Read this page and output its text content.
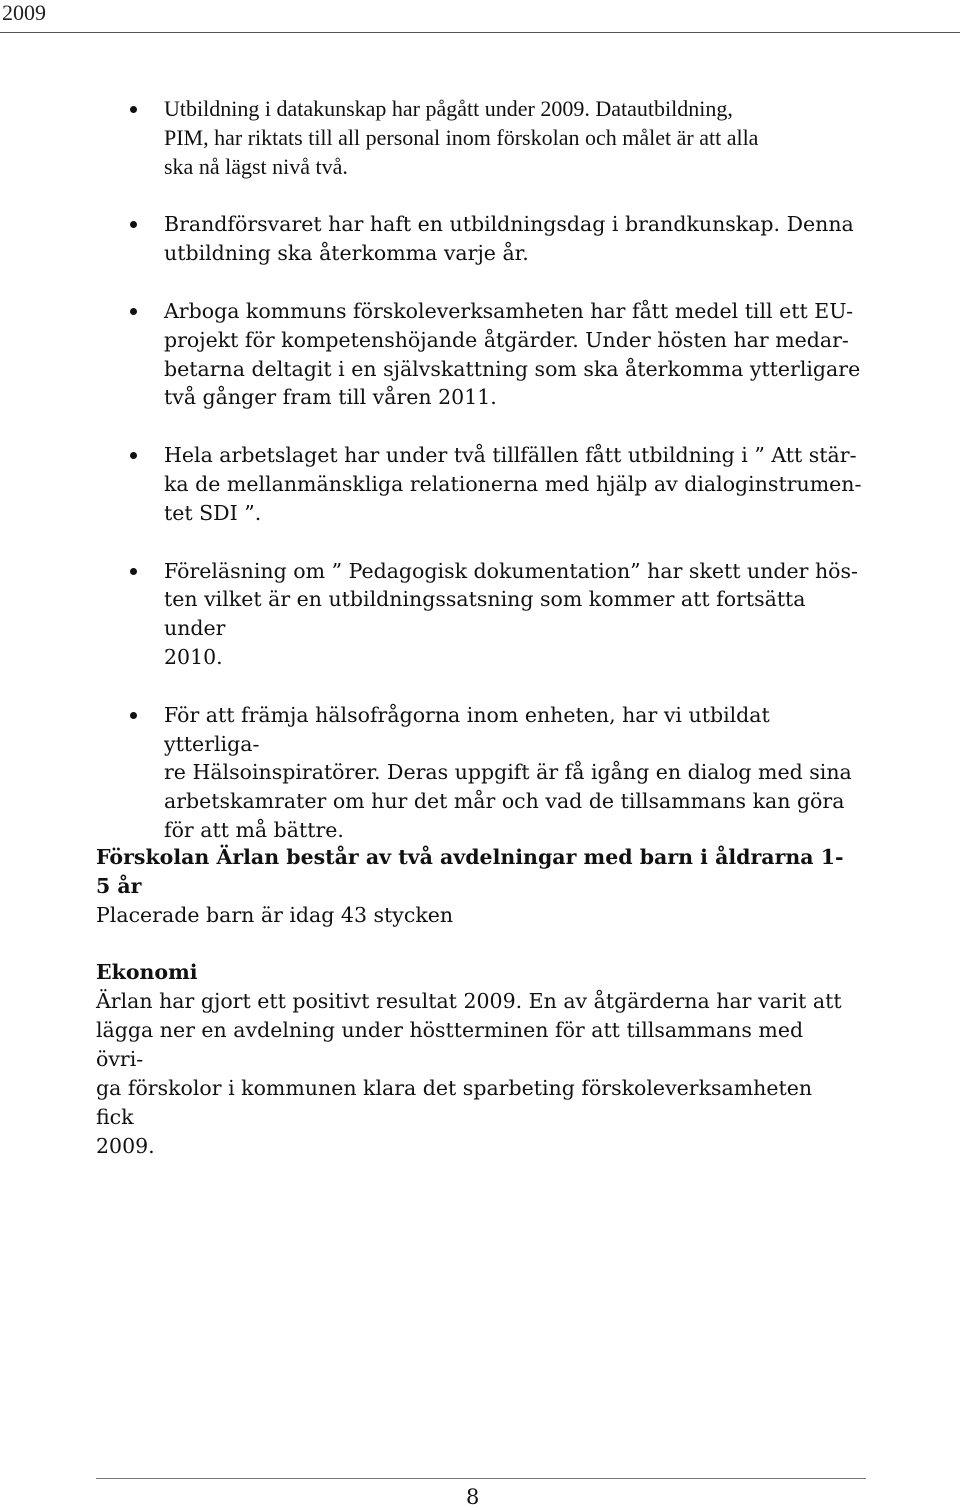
2009
Utbildning i datakunskap har pågått under 2009. Datautbildning,
PIM, har riktats till all personal inom förskolan och målet är att alla
ska nå lägst nivå två.
Brandförsvaret har haft en utbildningsdag i brandkunskap. Denna
utbildning ska återkomma varje år.
Arboga kommuns förskoleverksamheten har fått medel till ett EU-
projekt för kompetenshöjande åtgärder. Under hösten har medar-
betarna deltagit i en självskattning som ska återkomma ytterligare
två gånger fram till våren 2011.
Hela arbetslaget har under två tillfällen fått utbildning i ” Att stär-
ka de mellanmänskliga relationerna med hjälp av dialoginstrumen-
tet SDI ”.
Föreläsning om ” Pedagogisk dokumentation” har skett under hös-
ten vilket är en utbildningssatsning som kommer att fortsätta under
2010.
För att främja hälsofrågorna inom enheten, har vi utbildat ytterliga-
re Hälsoinspiratörer. Deras uppgift är få igång en dialog med sina
arbetskamrater om hur det mår och vad de tillsammans kan göra
för att må bättre.
Förskolan Ärlan består av två avdelningar med barn i åldrarna 1-5 år
Placerade barn är idag 43 stycken
Ekonomi
Ärlan har gjort ett positivt resultat 2009. En av åtgärderna har varit att
lägga ner en avdelning under höstterminen för att tillsammans med övri-
ga förskolor i kommunen klara det sparbeting förskoleverksamheten fick
2009.
8
